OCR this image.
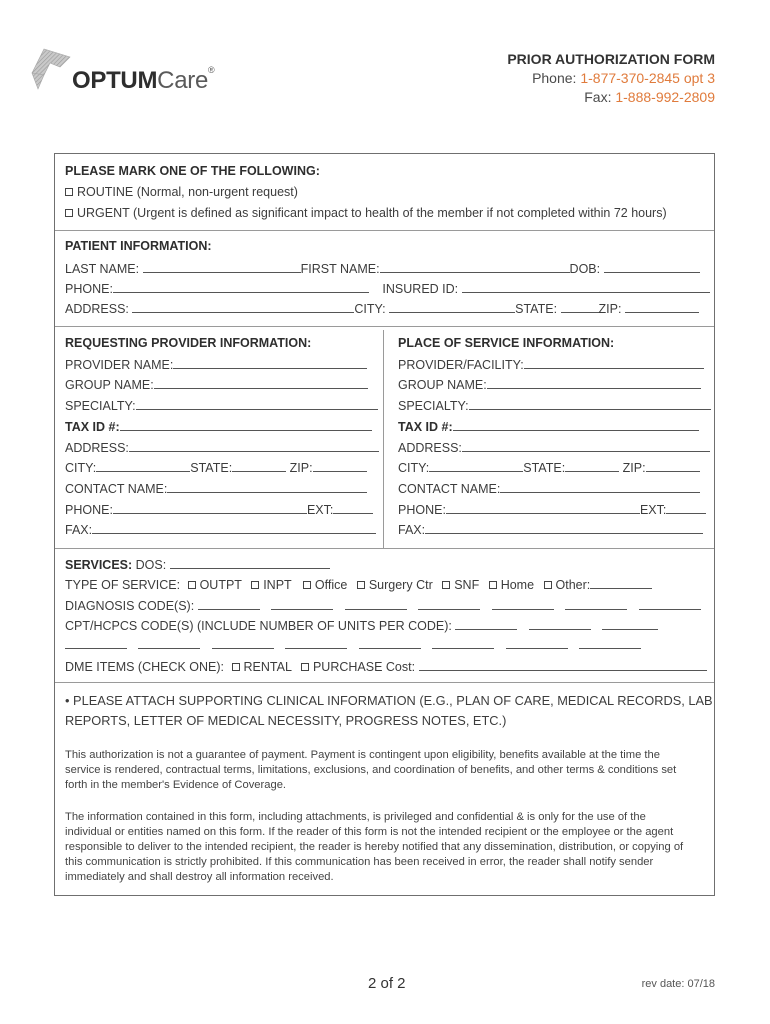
OPTUMCare®
PRIOR AUTHORIZATION FORM
Phone: 1-877-370-2845 opt 3
Fax: 1-888-992-2809
PLEASE MARK ONE OF THE FOLLOWING:
ROUTINE (Normal, non-urgent request)
URGENT (Urgent is defined as significant impact to health of the member if not completed within 72 hours)
PATIENT INFORMATION:
LAST NAME:	FIRST NAME:	DOB:
PHONE:	INSURED ID:
ADDRESS:	CITY:	STATE:	ZIP:
REQUESTING PROVIDER INFORMATION:
PROVIDER NAME:
GROUP NAME:
SPECIALTY:
TAX ID #:
ADDRESS:
CITY:	STATE:	ZIP:
CONTACT NAME:
PHONE:	EXT:
FAX:
PLACE OF SERVICE INFORMATION:
PROVIDER/FACILITY:
GROUP NAME:
SPECIALTY:
TAX ID #:
ADDRESS:
CITY:	STATE:	ZIP:
CONTACT NAME:
PHONE:	EXT:
FAX:
SERVICES: DOS:
TYPE OF SERVICE: OUTPT INPT Office Surgery Ctr SNF Home Other:
DIAGNOSIS CODE(S):
CPT/HCPCS CODE(S) (INCLUDE NUMBER OF UNITS PER CODE):

DME ITEMS (CHECK ONE): RENTAL PURCHASE Cost:
• PLEASE ATTACH SUPPORTING CLINICAL INFORMATION (E.G., PLAN OF CARE, MEDICAL RECORDS, LAB
REPORTS, LETTER OF MEDICAL NECESSITY, PROGRESS NOTES, ETC.)
This authorization is not a guarantee of payment. Payment is contingent upon eligibility, benefits available at the time the service is rendered, contractual terms, limitations, exclusions, and coordination of benefits, and other terms & conditions set forth in the member's Evidence of Coverage.
The information contained in this form, including attachments, is privileged and confidential & is only for the use of the individual or entities named on this form. If the reader of this form is not the intended recipient or the employee or the agent responsible to deliver to the intended recipient, the reader is hereby notified that any dissemination, distribution, or copying of this communication is strictly prohibited. If this communication has been received in error, the reader shall notify sender immediately and shall destroy all information received.
2 of 2	rev date: 07/18
